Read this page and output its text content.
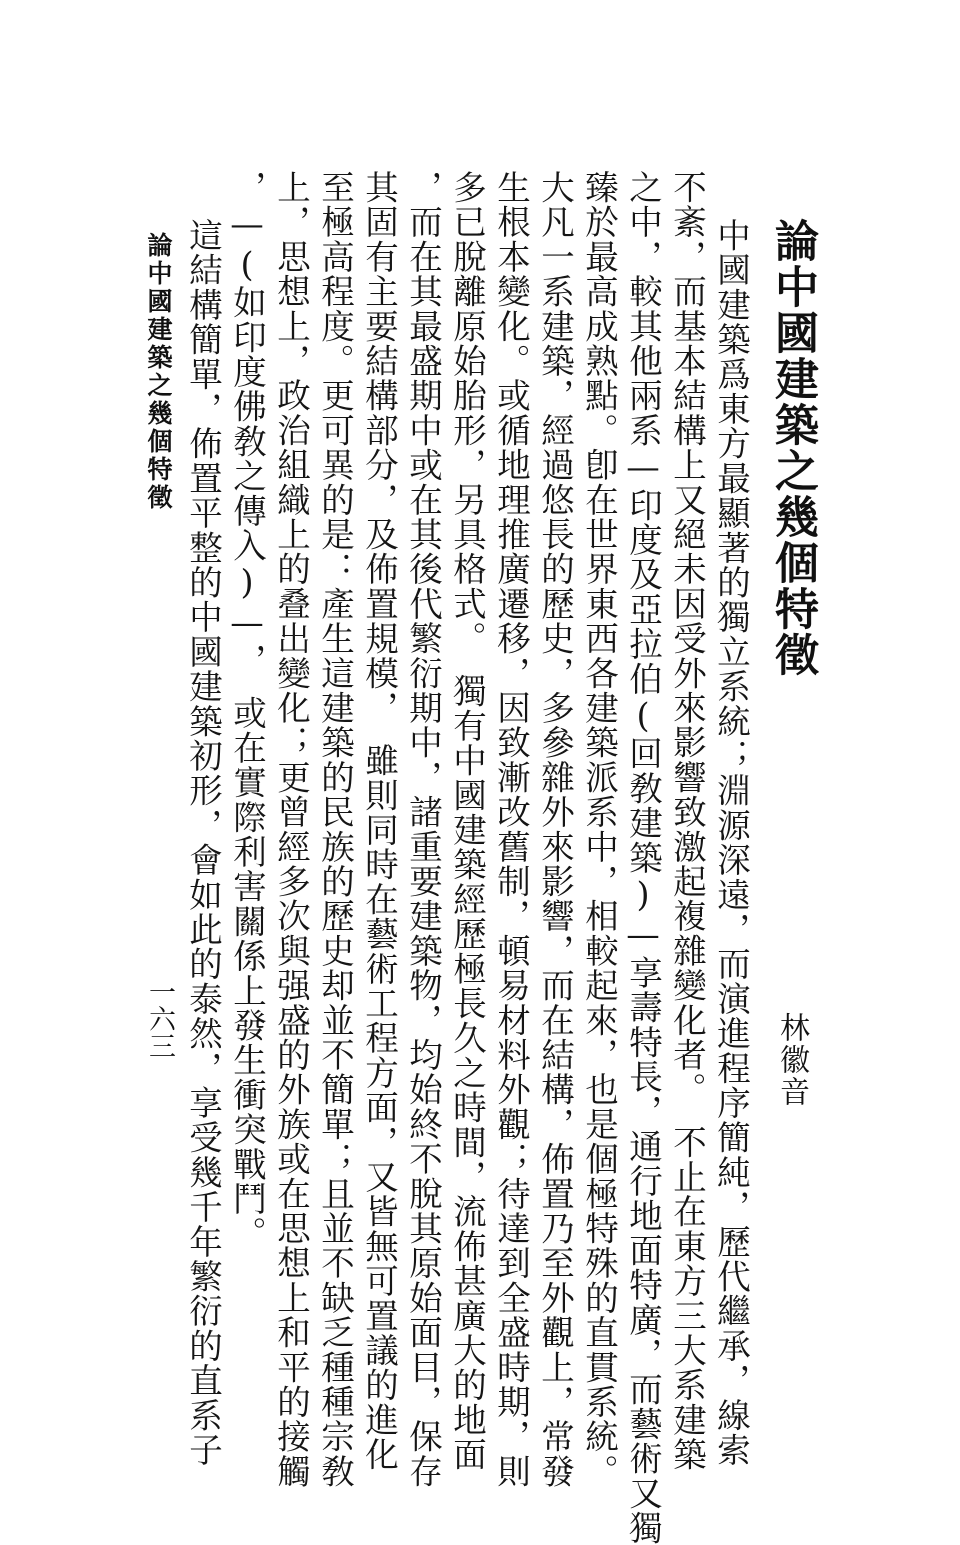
論中國建築之幾個特徵
林徽音
中國建築爲東方最顯著的獨立系統；淵源深遠，而演進程序簡純，歷代繼承，線索
不紊，而基本結構上又絕未因受外來影響致激起複雜變化者。　不止在東方三大系建築
之中，較其他兩系—印度及亞拉伯(回敎建築)—享壽特長，通行地面特廣，而藝術又獨
臻於最高成熟點。卽在世界東西各建築派系中，相較起來，也是個極特殊的直貫系統。
大凡一系建築，經過悠長的歷史，多參雜外來影響，而在結構，佈置乃至外觀上，常發
生根本變化。或循地理推廣遷移，因致漸改舊制，頓易材料外觀；待達到全盛時期，則
多已脫離原始胎形，另具格式。　獨有中國建築經歷極長久之時間，流佈甚廣大的地面
，而在其最盛期中或在其後代繁衍期中，諸重要建築物，均始終不脫其原始面目，保存
其固有主要結構部分，及佈置規模，　雖則同時在藝術工程方面，又皆無可置議的進化
至極高程度。更可異的是：產生這建築的民族的歷史却並不簡單；且並不缺乏種種宗敎
上，思想上，政治組織上的叠出變化；更曾經多次與强盛的外族或在思想上和平的接觸
，—(如印度佛敎之傳入)—，　或在實際利害關係上發生衝突戰鬥。
這結構簡單，佈置平整的中國建築初形，會如此的泰然，享受幾千年繁衍的直系子
論中國建築之幾個特徵
一六三
